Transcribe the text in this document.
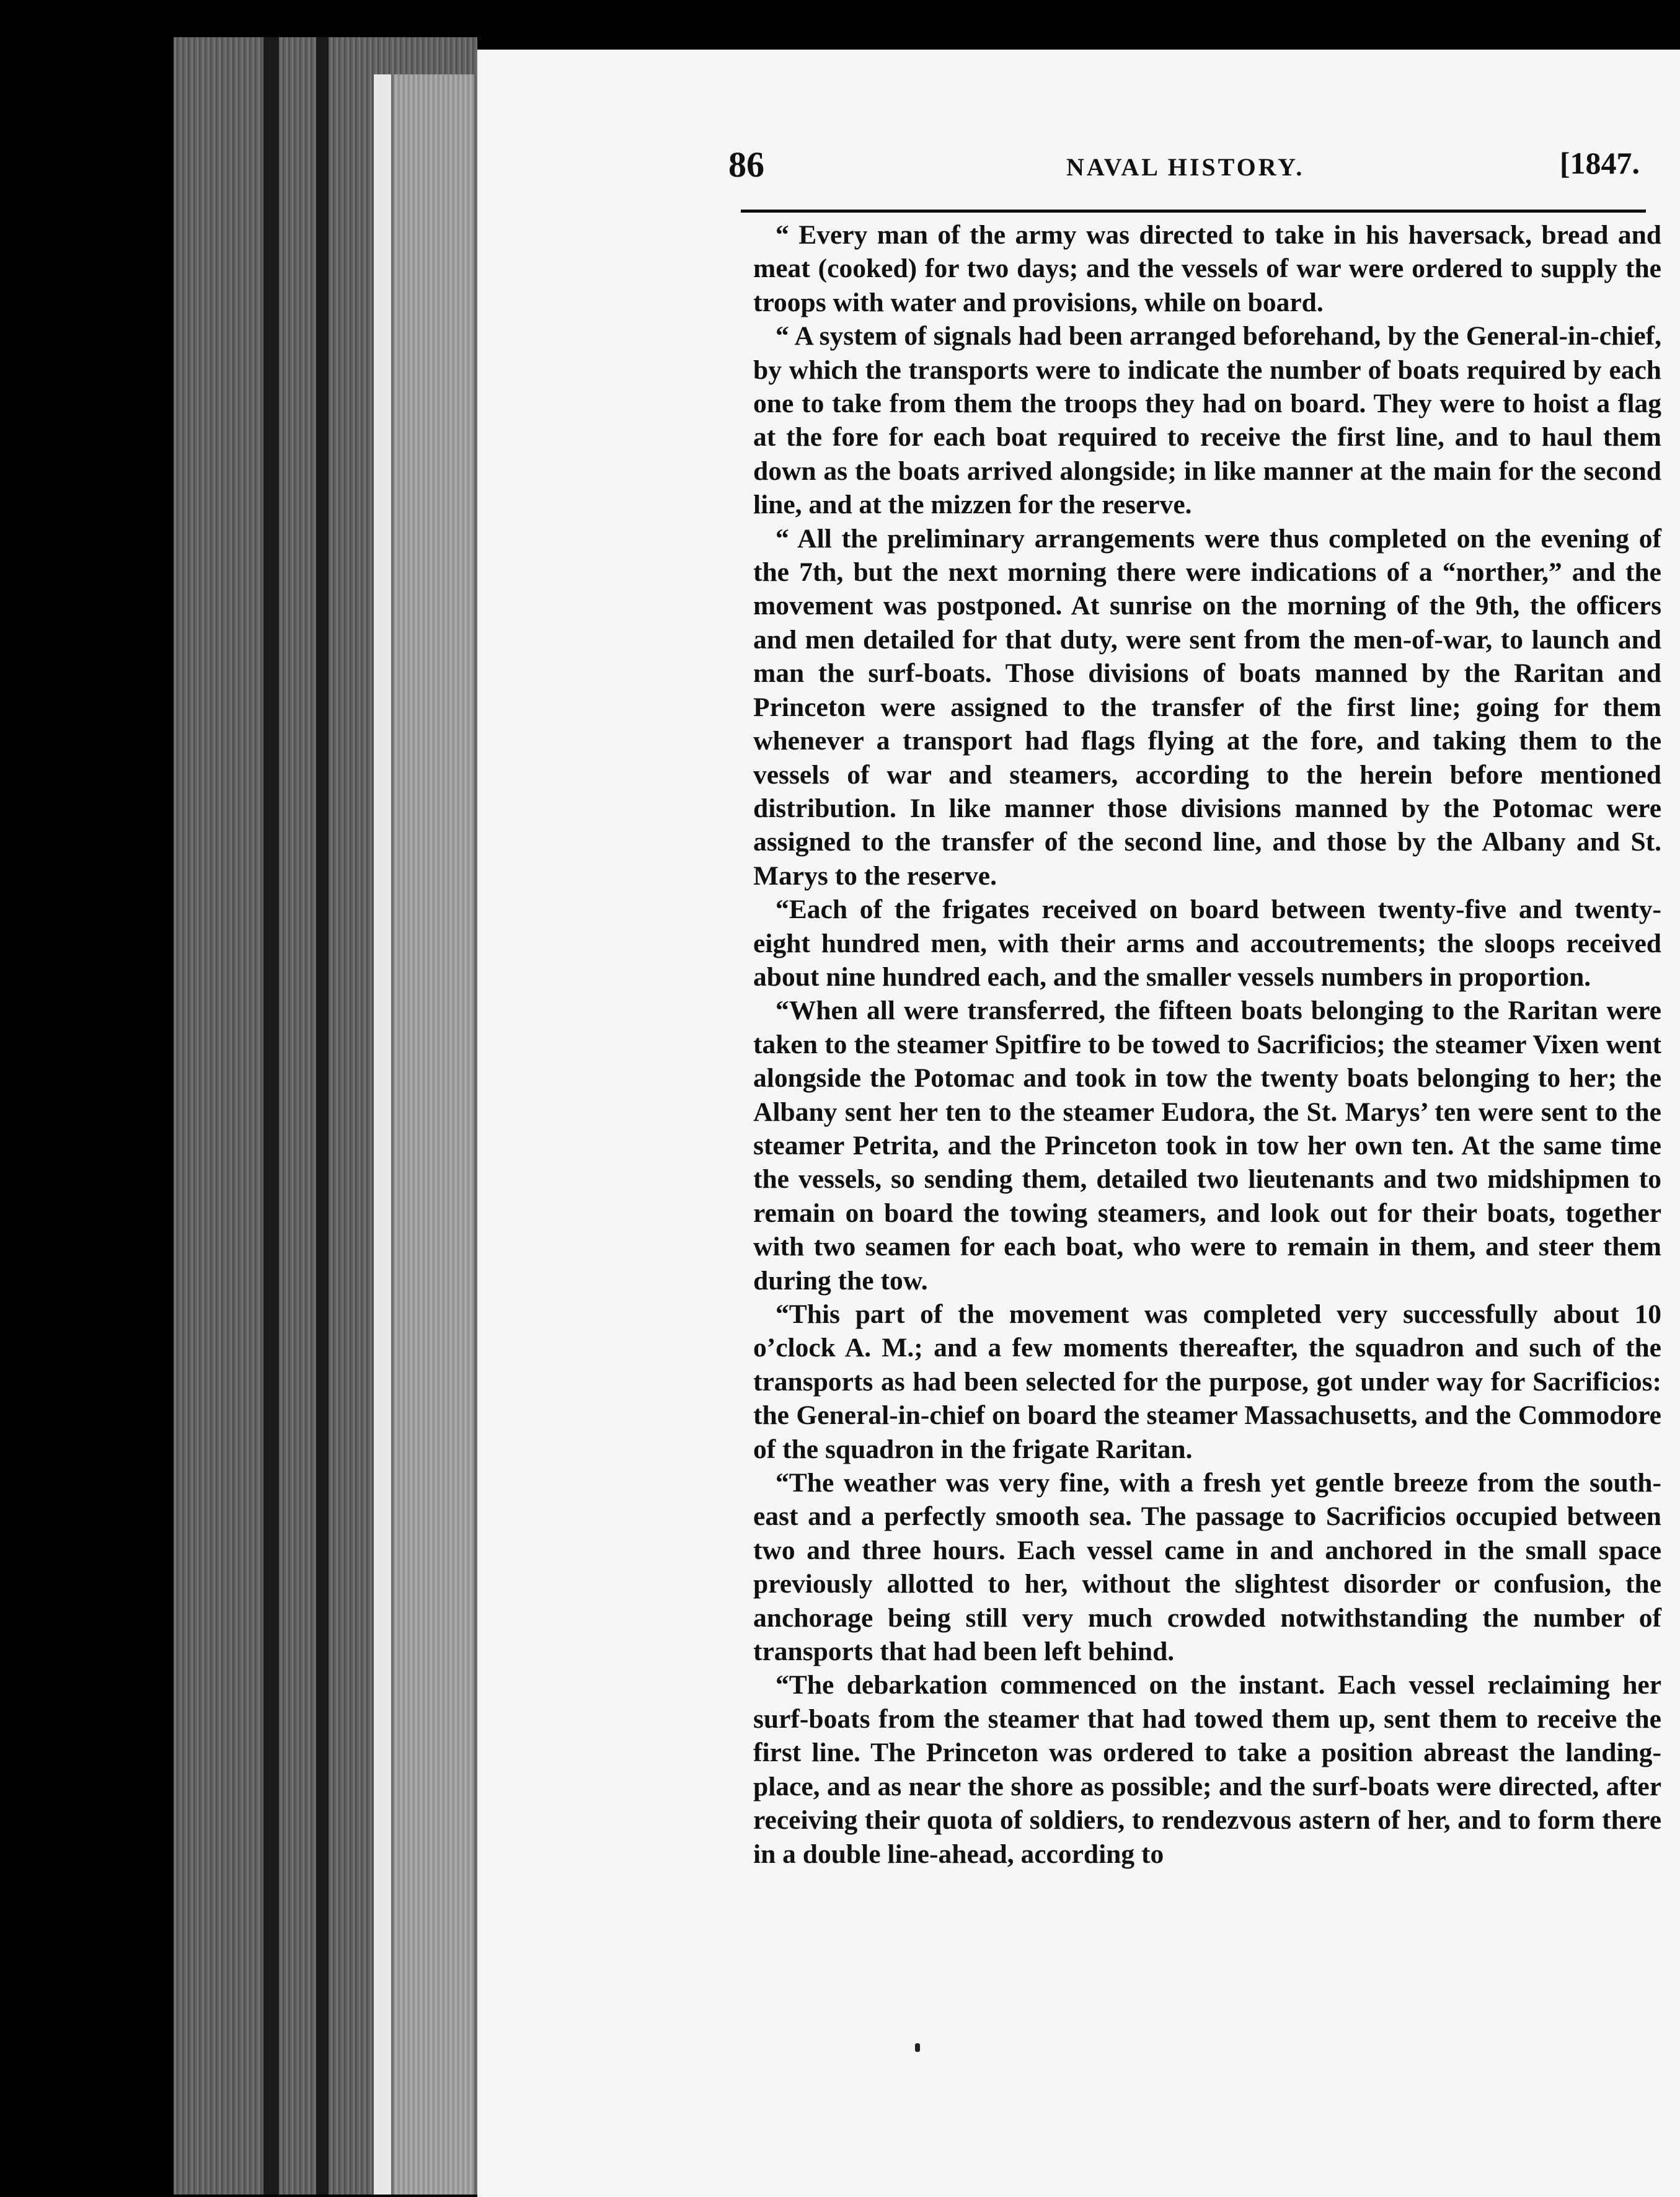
86	NAVAL HISTORY.	[1847.

“ Every man of the army was directed to take in his haversack, bread and meat (cooked) for two days; and the vessels of war were ordered to supply the troops with water and provisions, while on board.

“ A system of signals had been arranged beforehand, by the General-in-chief, by which the transports were to indicate the number of boats required by each one to take from them the troops they had on board. They were to hoist a flag at the fore for each boat required to receive the first line, and to haul them down as the boats arrived alongside; in like manner at the main for the second line, and at the mizzen for the reserve.

“ All the preliminary arrangements were thus completed on the evening of the 7th, but the next morning there were indications of a “norther,” and the movement was postponed. At sunrise on the morning of the 9th, the officers and men detailed for that duty, were sent from the men-of-war, to launch and man the surf-boats. Those divisions of boats manned by the Raritan and Princeton were assigned to the transfer of the first line; going for them whenever a transport had flags flying at the fore, and taking them to the vessels of war and steamers, according to the herein before mentioned distribution. In like manner those divisions manned by the Potomac were assigned to the transfer of the second line, and those by the Albany and St. Marys to the reserve.

“Each of the frigates received on board between twenty-five and twenty-eight hundred men, with their arms and accoutrements; the sloops received about nine hundred each, and the smaller vessels numbers in proportion.

“When all were transferred, the fifteen boats belonging to the Raritan were taken to the steamer Spitfire to be towed to Sacrificios; the steamer Vixen went alongside the Potomac and took in tow the twenty boats belonging to her; the Albany sent her ten to the steamer Eudora, the St. Marys’ ten were sent to the steamer Petrita, and the Princeton took in tow her own ten. At the same time the vessels, so sending them, detailed two lieutenants and two midshipmen to remain on board the towing steamers, and look out for their boats, together with two seamen for each boat, who were to remain in them, and steer them during the tow.

“This part of the movement was completed very successfully about 10 o’clock A. M.; and a few moments thereafter, the squadron and such of the transports as had been selected for the purpose, got under way for Sacrificios: the General-in-chief on board the steamer Massachusetts, and the Commodore of the squadron in the frigate Raritan.

“The weather was very fine, with a fresh yet gentle breeze from the south-east and a perfectly smooth sea. The passage to Sacrificios occupied between two and three hours. Each vessel came in and anchored in the small space previously allotted to her, without the slightest disorder or confusion, the anchorage being still very much crowded notwithstanding the number of transports that had been left behind.

“The debarkation commenced on the instant. Each vessel reclaiming her surf-boats from the steamer that had towed them up, sent them to receive the first line. The Princeton was ordered to take a position abreast the landing-place, and as near the shore as possible; and the surf-boats were directed, after receiving their quota of soldiers, to rendezvous astern of her, and to form there in a double line-ahead, according to
